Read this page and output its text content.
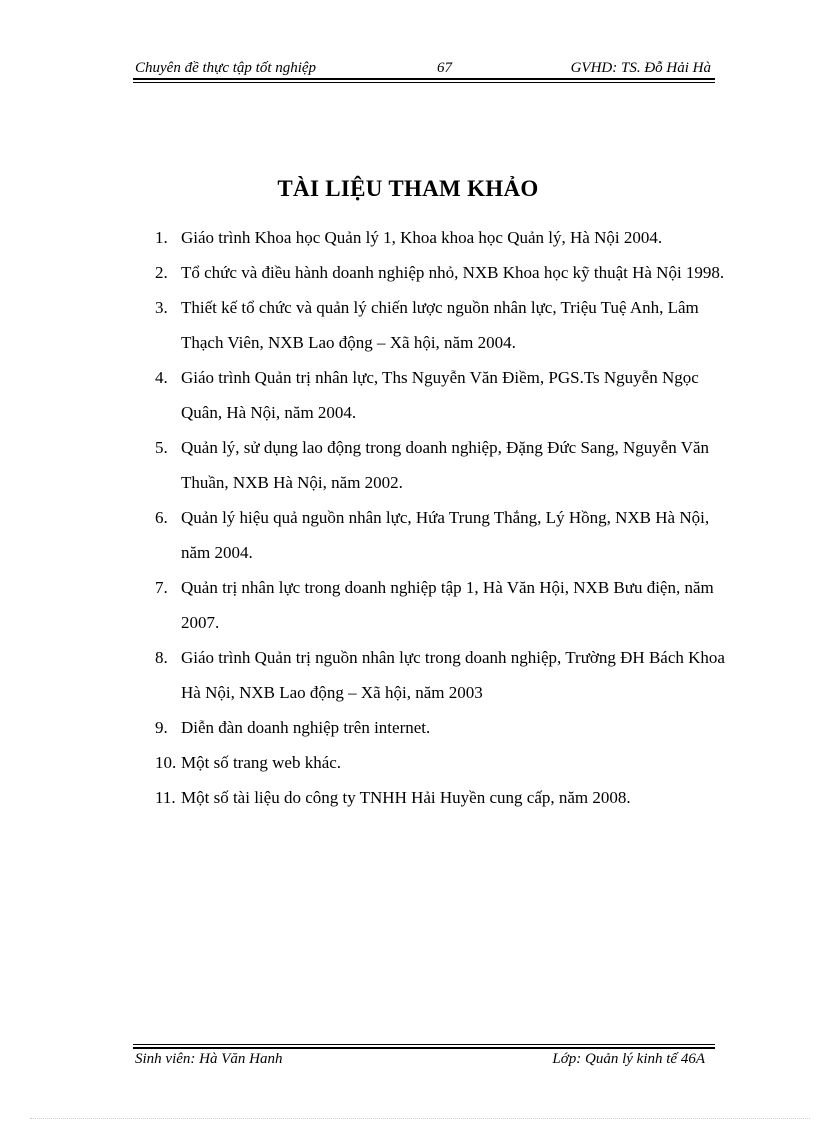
Chuyên đề thực tập tốt nghiệp	67	GVHD: TS. Đỗ Hải Hà
TÀI LIỆU THAM KHẢO
1. Giáo trình Khoa học Quản lý 1, Khoa khoa học Quản lý, Hà Nội 2004.
2. Tổ chức và điều hành doanh nghiệp nhỏ, NXB Khoa học kỹ thuật Hà Nội 1998.
3. Thiết kế tổ chức và quản lý chiến lược nguồn nhân lực, Triệu Tuệ Anh, Lâm Thạch Viên, NXB Lao động – Xã hội, năm 2004.
4. Giáo trình Quản trị nhân lực, Ths Nguyễn Văn Điềm, PGS.Ts Nguyễn Ngọc Quân, Hà Nội, năm 2004.
5. Quản lý, sử dụng lao động trong doanh nghiệp, Đặng Đức Sang, Nguyễn Văn Thuần, NXB Hà Nội, năm 2002.
6. Quản lý hiệu quả nguồn nhân lực, Hứa Trung Thắng, Lý Hồng, NXB Hà Nội, năm 2004.
7. Quản trị nhân lực trong doanh nghiệp tập 1, Hà Văn Hội, NXB Bưu điện, năm 2007.
8. Giáo trình Quản trị nguồn nhân lực trong doanh nghiệp, Trường ĐH Bách Khoa Hà Nội, NXB Lao động – Xã hội, năm 2003
9. Diễn đàn doanh nghiệp trên internet.
10. Một số trang web khác.
11. Một số tài liệu do công ty TNHH Hải Huyền cung cấp, năm 2008.
Sinh viên: Hà Văn Hanh	Lớp: Quản lý kinh tế 46A
